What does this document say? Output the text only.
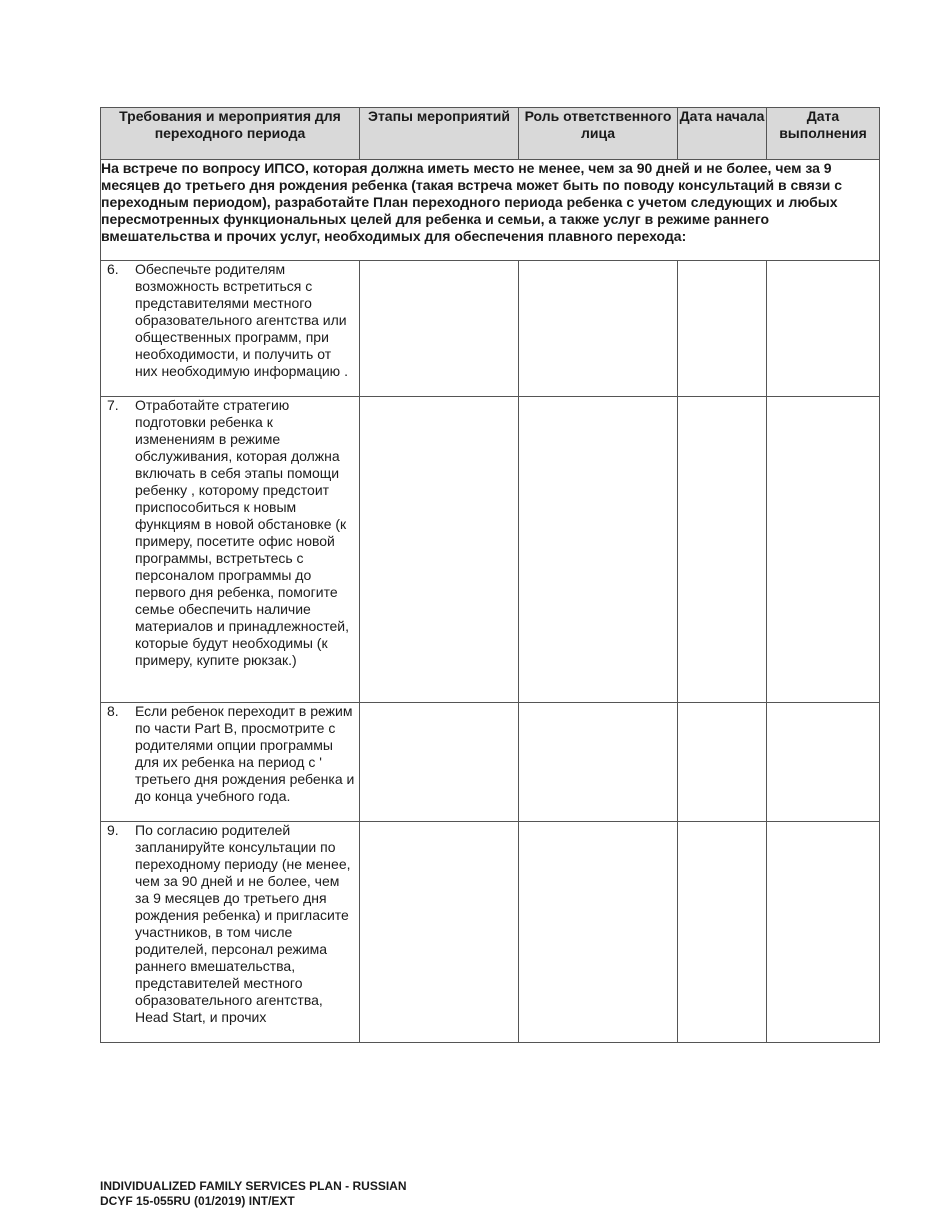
Требования и мероприятия для переходного периода	Этапы мероприятий	Роль ответственного лица	Дата начала	Дата выполнения
На встрече по вопросу ИПСО, которая должна иметь место не менее, чем за 90 дней и не более, чем за 9 месяцев до третьего дня рождения ребенка (такая встреча может быть по поводу консультаций в связи с переходным периодом), разработайте План переходного периода ребенка с учетом следующих и любых пересмотренных функциональных целей для ребенка и семьи, а также услуг в режиме раннего вмешательства и прочих услуг, необходимых для обеспечения плавного перехода:				

6. Обеспечьте родителям возможность встретиться с представителями местного образовательного агентства или общественных программ, при необходимости, и получить от них необходимую информацию .				

7. Отработайте стратегию подготовки ребенка к изменениям в режиме обслуживания, которая должна включать в себя этапы помощи ребенку , которому предстоит приспособиться к новым функциям в новой обстановке (к примеру, посетите офис новой программы, встретьтесь с персоналом программы до первого дня ребенка, помогите семье обеспечить наличие материалов и принадлежностей, которые будут необходимы (к примеру, купите рюкзак.)				

8. Если ребенок переходит в режим по части Part B, просмотрите с родителями опции программы для их ребенка на период с ' третьего дня рождения ребенка и до конца учебного года.				

9. По согласию родителей запланируйте консультации по переходному периоду (не менее, чем за 90 дней и не более, чем за 9 месяцев до третьего дня рождения ребенка) и пригласите участников, в том числе родителей, персонал режима раннего вмешательства, представителей местного образовательного агентства, Head Start, и прочих				

INDIVIDUALIZED FAMILY SERVICES PLAN - RUSSIAN
DCYF 15-055RU (01/2019) INT/EXT
